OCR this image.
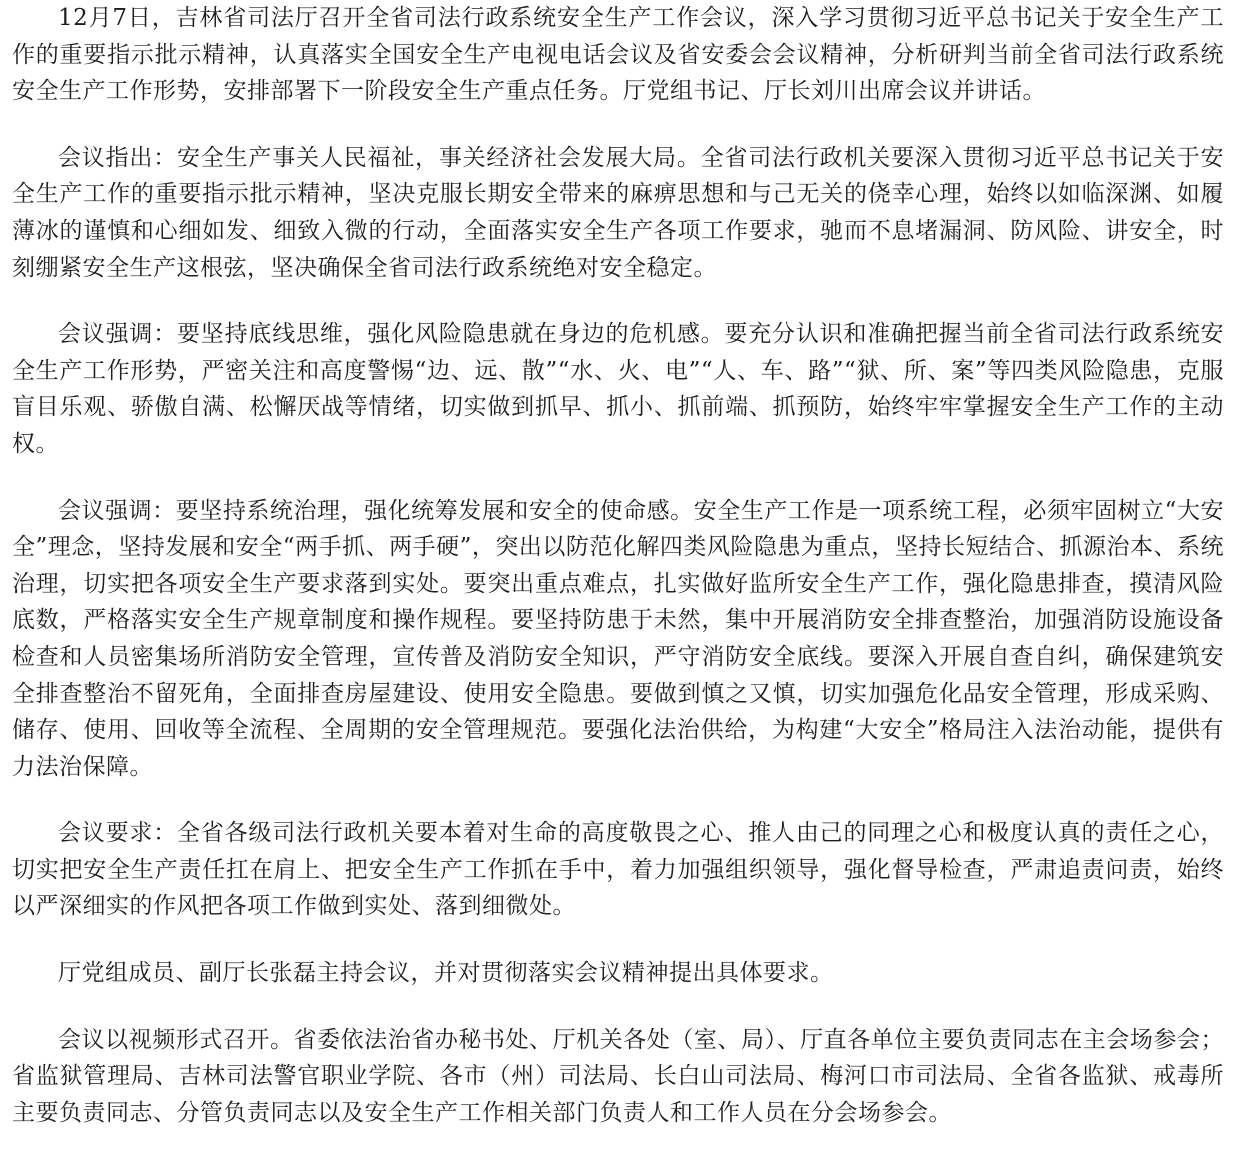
12月7日，吉林省司法厅召开全省司法行政系统安全生产工作会议，深入学习贯彻习近平总书记关于安全生产工作的重要指示批示精神，认真落实全国安全生产电视电话会议及省安委会会议精神，分析研判当前全省司法行政系统安全生产工作形势，安排部署下一阶段安全生产重点任务。厅党组书记、厅长刘川出席会议并讲话。

会议指出：安全生产事关人民福祉，事关经济社会发展大局。全省司法行政机关要深入贯彻习近平总书记关于安全生产工作的重要指示批示精神，坚决克服长期安全带来的麻痹思想和与己无关的侥幸心理，始终以如临深渊、如履薄冰的谨慎和心细如发、细致入微的行动，全面落实安全生产各项工作要求，驰而不息堵漏洞、防风险、讲安全，时刻绷紧安全生产这根弦，坚决确保全省司法行政系统绝对安全稳定。

会议强调：要坚持底线思维，强化风险隐患就在身边的危机感。要充分认识和准确把握当前全省司法行政系统安全生产工作形势，严密关注和高度警惕“边、远、散”“水、火、电”“人、车、路”“狱、所、案”等四类风险隐患，克服盲目乐观、骄傲自满、松懈厌战等情绪，切实做到抓早、抓小、抓前端、抓预防，始终牢牢掌握安全生产工作的主动权。

会议强调：要坚持系统治理，强化统筹发展和安全的使命感。安全生产工作是一项系统工程，必须牢固树立“大安全”理念，坚持发展和安全“两手抓、两手硬”，突出以防范化解四类风险隐患为重点，坚持长短结合、抓源治本、系统治理，切实把各项安全生产要求落到实处。要突出重点难点，扎实做好监所安全生产工作，强化隐患排查，摸清风险底数，严格落实安全生产规章制度和操作规程。要坚持防患于未然，集中开展消防安全排查整治，加强消防设施设备检查和人员密集场所消防安全管理，宣传普及消防安全知识，严守消防安全底线。要深入开展自查自纠，确保建筑安全排查整治不留死角，全面排查房屋建设、使用安全隐患。要做到慎之又慎，切实加强危化品安全管理，形成采购、储存、使用、回收等全流程、全周期的安全管理规范。要强化法治供给，为构建“大安全”格局注入法治动能，提供有力法治保障。

会议要求：全省各级司法行政机关要本着对生命的高度敬畏之心、推人由己的同理之心和极度认真的责任之心，切实把安全生产责任扛在肩上、把安全生产工作抓在手中，着力加强组织领导，强化督导检查，严肃追责问责，始终以严深细实的作风把各项工作做到实处、落到细微处。

厅党组成员、副厅长张磊主持会议，并对贯彻落实会议精神提出具体要求。

会议以视频形式召开。省委依法治省办秘书处、厅机关各处（室、局）、厅直各单位主要负责同志在主会场参会；省监狱管理局、吉林司法警官职业学院、各市（州）司法局、长白山司法局、梅河口市司法局、全省各监狱、戒毒所主要负责同志、分管负责同志以及安全生产工作相关部门负责人和工作人员在分会场参会。
